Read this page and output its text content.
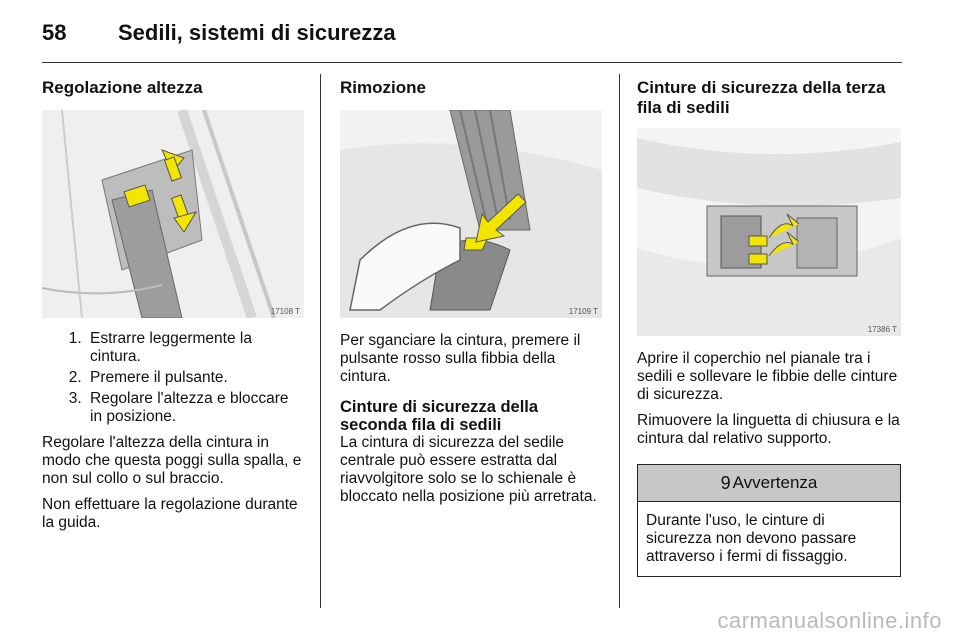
58 Sedili, sistemi di sicurezza
Regolazione altezza
17108 T
1. Estrarre leggermente la cintura.
2. Premere il pulsante.
3. Regolare l'altezza e bloccare in posizione.

Regolare l'altezza della cintura in modo che questa poggi sulla spalla, e non sul collo o sul braccio.

Non effettuare la regolazione durante la guida.

Rimozione
17109 T

Per sganciare la cintura, premere il pulsante rosso sulla fibbia della cintura.

Cinture di sicurezza della seconda fila di sedili

La cintura di sicurezza del sedile centrale può essere estratta dal riavvolgitore solo se lo schienale è bloccato nella posizione più arretrata.

Cinture di sicurezza della terza fila di sedili
17386 T

Aprire il coperchio nel pianale tra i sedili e sollevare le fibbie delle cinture di sicurezza.

Rimuovere la linguetta di chiusura e la cintura dal relativo supporto.

9 Avvertenza
Durante l'uso, le cinture di sicurezza non devono passare attraverso i fermi di fissaggio.
carmanualsonline.info
